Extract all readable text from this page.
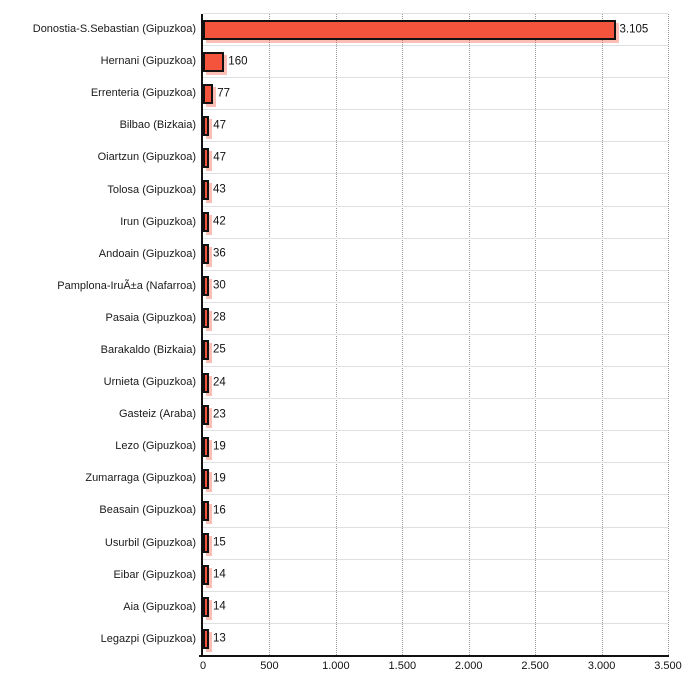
Donostia-S.Sebastian (Gipuzkoa)
Hernani (Gipuzkoa)
Errenteria (Gipuzkoa)
Bilbao (Bizkaia)
Oiartzun (Gipuzkoa)
Tolosa (Gipuzkoa)
Irun (Gipuzkoa)
Andoain (Gipuzkoa)
Pamplona-IruÃ±a (Nafarroa)
Pasaia (Gipuzkoa)
Barakaldo (Bizkaia)
Urnieta (Gipuzkoa)
Gasteiz (Araba)
Lezo (Gipuzkoa)
Zumarraga (Gipuzkoa)
Beasain (Gipuzkoa)
Usurbil (Gipuzkoa)
Eibar (Gipuzkoa)
Aia (Gipuzkoa)
Legazpi (Gipuzkoa)
3.105
160
77
47
47
43
42
36
30
28
25
24
23
19
19
16
15
14
14
13
0	500	1.000	1.500	2.000	2.500	3.000	3.500
